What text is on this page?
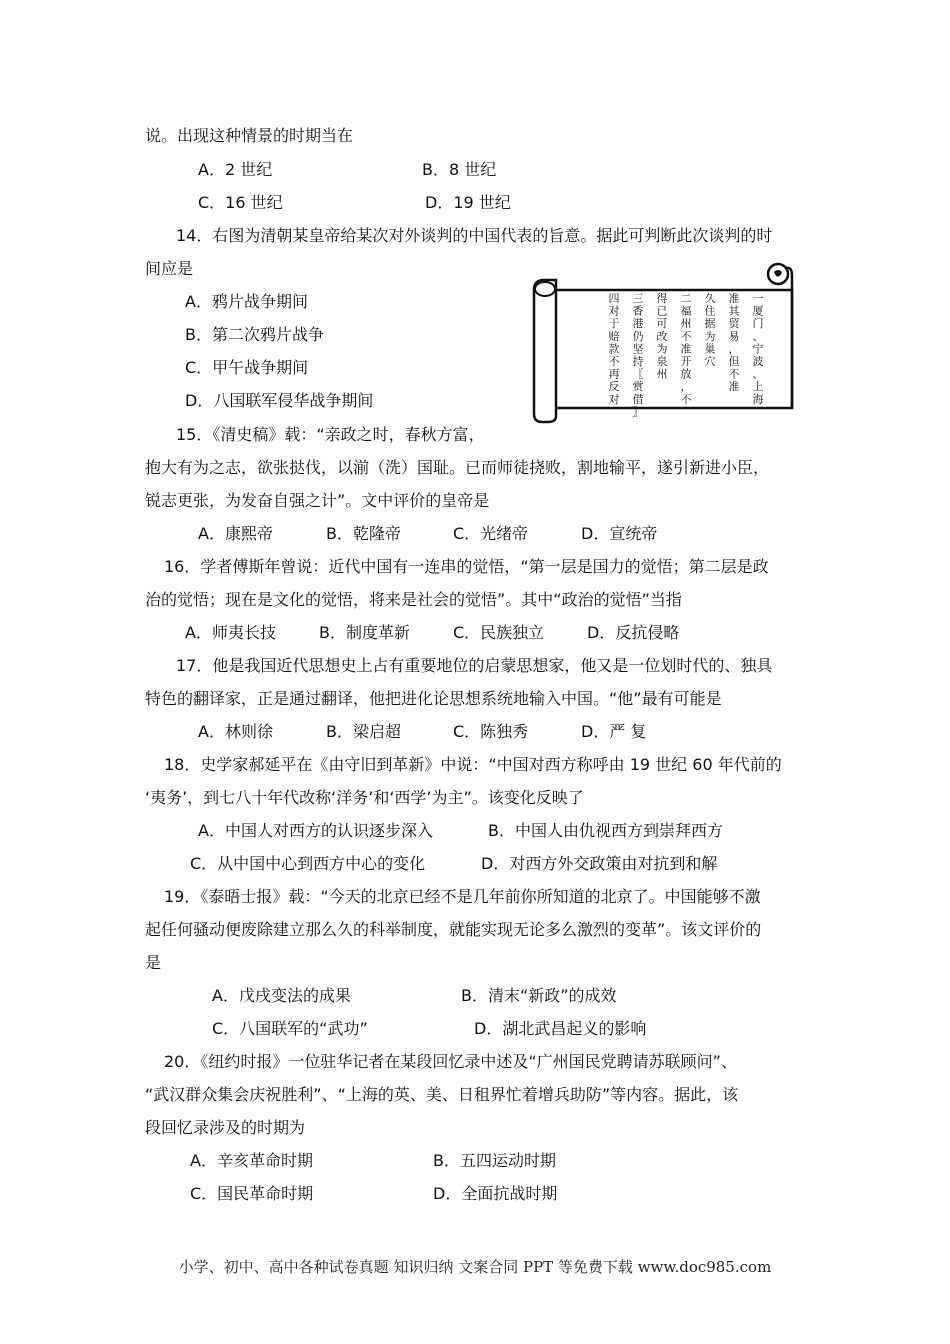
说。出现这种情景的时期当在
A．2 世纪	B．8 世纪
C．16 世纪	D．19 世纪
14．右图为清朝某皇帝给某次对外谈判的中国代表的旨意。据此可判断此次谈判的时
间应是
A．鸦片战争期间
B．第二次鸦片战争
C．甲午战争期间
D．八国联军侵华战争期间
一厦门、宁波、上海
准其贸易，但不准
久住据为巢穴
二福州不准开放，不
得已可改为泉州
三香港仍坚持〖赏借〗
四对于赔款不再反对
15．《清史稿》载：“亲政之时，春秋方富，
抱大有为之志，欲张挞伐，以湔（洗）国耻。已而师徒挠败，割地输平，遂引新进小臣，
锐志更张，为发奋自强之计”。文中评价的皇帝是
A．康熙帝	B．乾隆帝	C．光绪帝	D．宣统帝
16．学者傅斯年曾说：近代中国有一连串的觉悟，“第一层是国力的觉悟；第二层是政
治的觉悟；现在是文化的觉悟，将来是社会的觉悟”。其中“政治的觉悟”当指
A．师夷长技	B．制度革新	C．民族独立	D．反抗侵略
17．他是我国近代思想史上占有重要地位的启蒙思想家，他又是一位划时代的、独具
特色的翻译家，正是通过翻译，他把进化论思想系统地输入中国。“他”最有可能是
A．林则徐	B．梁启超	C．陈独秀	D．严 复
18．史学家郝延平在《由守旧到革新》中说：“中国对西方称呼由 19 世纪 60 年代前的
‘夷务’，到七八十年代改称‘洋务’和‘西学’为主”。该变化反映了
A．中国人对西方的认识逐步深入	B．中国人由仇视西方到崇拜西方
C．从中国中心到西方中心的变化	D．对西方外交政策由对抗到和解
19．《泰晤士报》载：“今天的北京已经不是几年前你所知道的北京了。中国能够不激
起任何骚动便废除建立那么久的科举制度，就能实现无论多么激烈的变革”。该文评价的
是
A．戊戌变法的成果	B．清末“新政”的成效
C．八国联军的“武功”	D．湖北武昌起义的影响
20．《纽约时报》一位驻华记者在某段回忆录中述及“广州国民党聘请苏联顾问”、
“武汉群众集会庆祝胜利”、“上海的英、美、日租界忙着增兵助防”等内容。据此，该
段回忆录涉及的时期为
A．辛亥革命时期	B．五四运动时期
C．国民革命时期	D．全面抗战时期
小学、初中、高中各种试卷真题 知识归纳 文案合同 PPT 等免费下载 www.doc985.com
